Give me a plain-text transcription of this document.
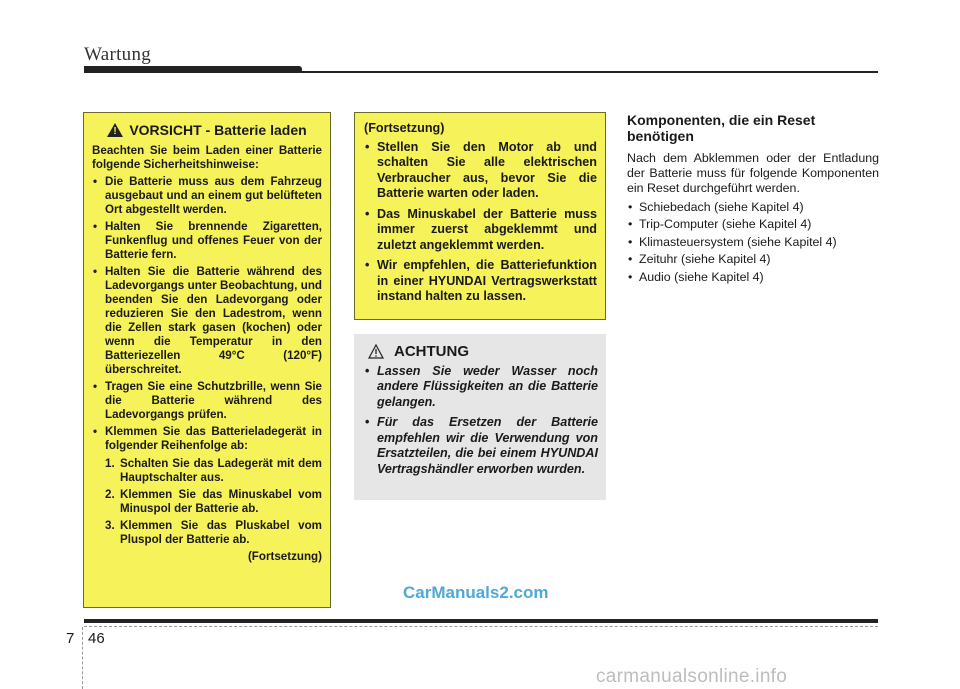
Wartung
!
VORSICHT - Batterie laden

Beachten Sie beim Laden einer Batterie folgende Sicherheitshinweise:

• Die Batterie muss aus dem Fahrzeug ausgebaut und an einem gut belüfteten Ort abgestellt werden.
• Halten Sie brennende Zigaretten, Funkenflug und offenes Feuer von der Batterie fern.
• Halten Sie die Batterie während des Ladevorgangs unter Beobachtung, und beenden Sie den Ladevorgang oder reduzieren Sie den Ladestrom, wenn die Zellen stark gasen (kochen) oder wenn die Temperatur in den Batteriezellen 49°C (120°F) überschreitet.
• Tragen Sie eine Schutzbrille, wenn Sie die Batterie während des Ladevorgangs prüfen.
• Klemmen Sie das Batterieladegerät in folgender Reihenfolge ab:
1. Schalten Sie das Ladegerät mit dem Hauptschalter aus.
2. Klemmen Sie das Minuskabel vom Minuspol der Batterie ab.
3. Klemmen Sie das Pluskabel vom Pluspol der Batterie ab.
(Fortsetzung)
(Fortsetzung)
• Stellen Sie den Motor ab und schalten Sie alle elektrischen Verbraucher aus, bevor Sie die Batterie warten oder laden.
• Das Minuskabel der Batterie muss immer zuerst abgeklemmt und zuletzt angeklemmt werden.
• Wir empfehlen, die Batteriefunktion in einer HYUNDAI Vertragswerkstatt instand halten zu lassen.
ACHTUNG
• Lassen Sie weder Wasser noch andere Flüssigkeiten an die Batterie gelangen.
• Für das Ersetzen der Batterie empfehlen wir die Verwendung von Ersatzteilen, die bei einem HYUNDAI Vertragshändler erworben wurden.
Komponenten, die ein Reset benötigen

Nach dem Abklemmen oder der Entladung der Batterie muss für folgende Komponenten ein Reset durchgeführt werden.

• Schiebedach (siehe Kapitel 4)
• Trip-Computer (siehe Kapitel 4)
• Klimasteuersystem (siehe Kapitel 4)
• Zeituhr (siehe Kapitel 4)
• Audio (siehe Kapitel 4)
CarManuals2.com
7 46
carmanualsonline.info
